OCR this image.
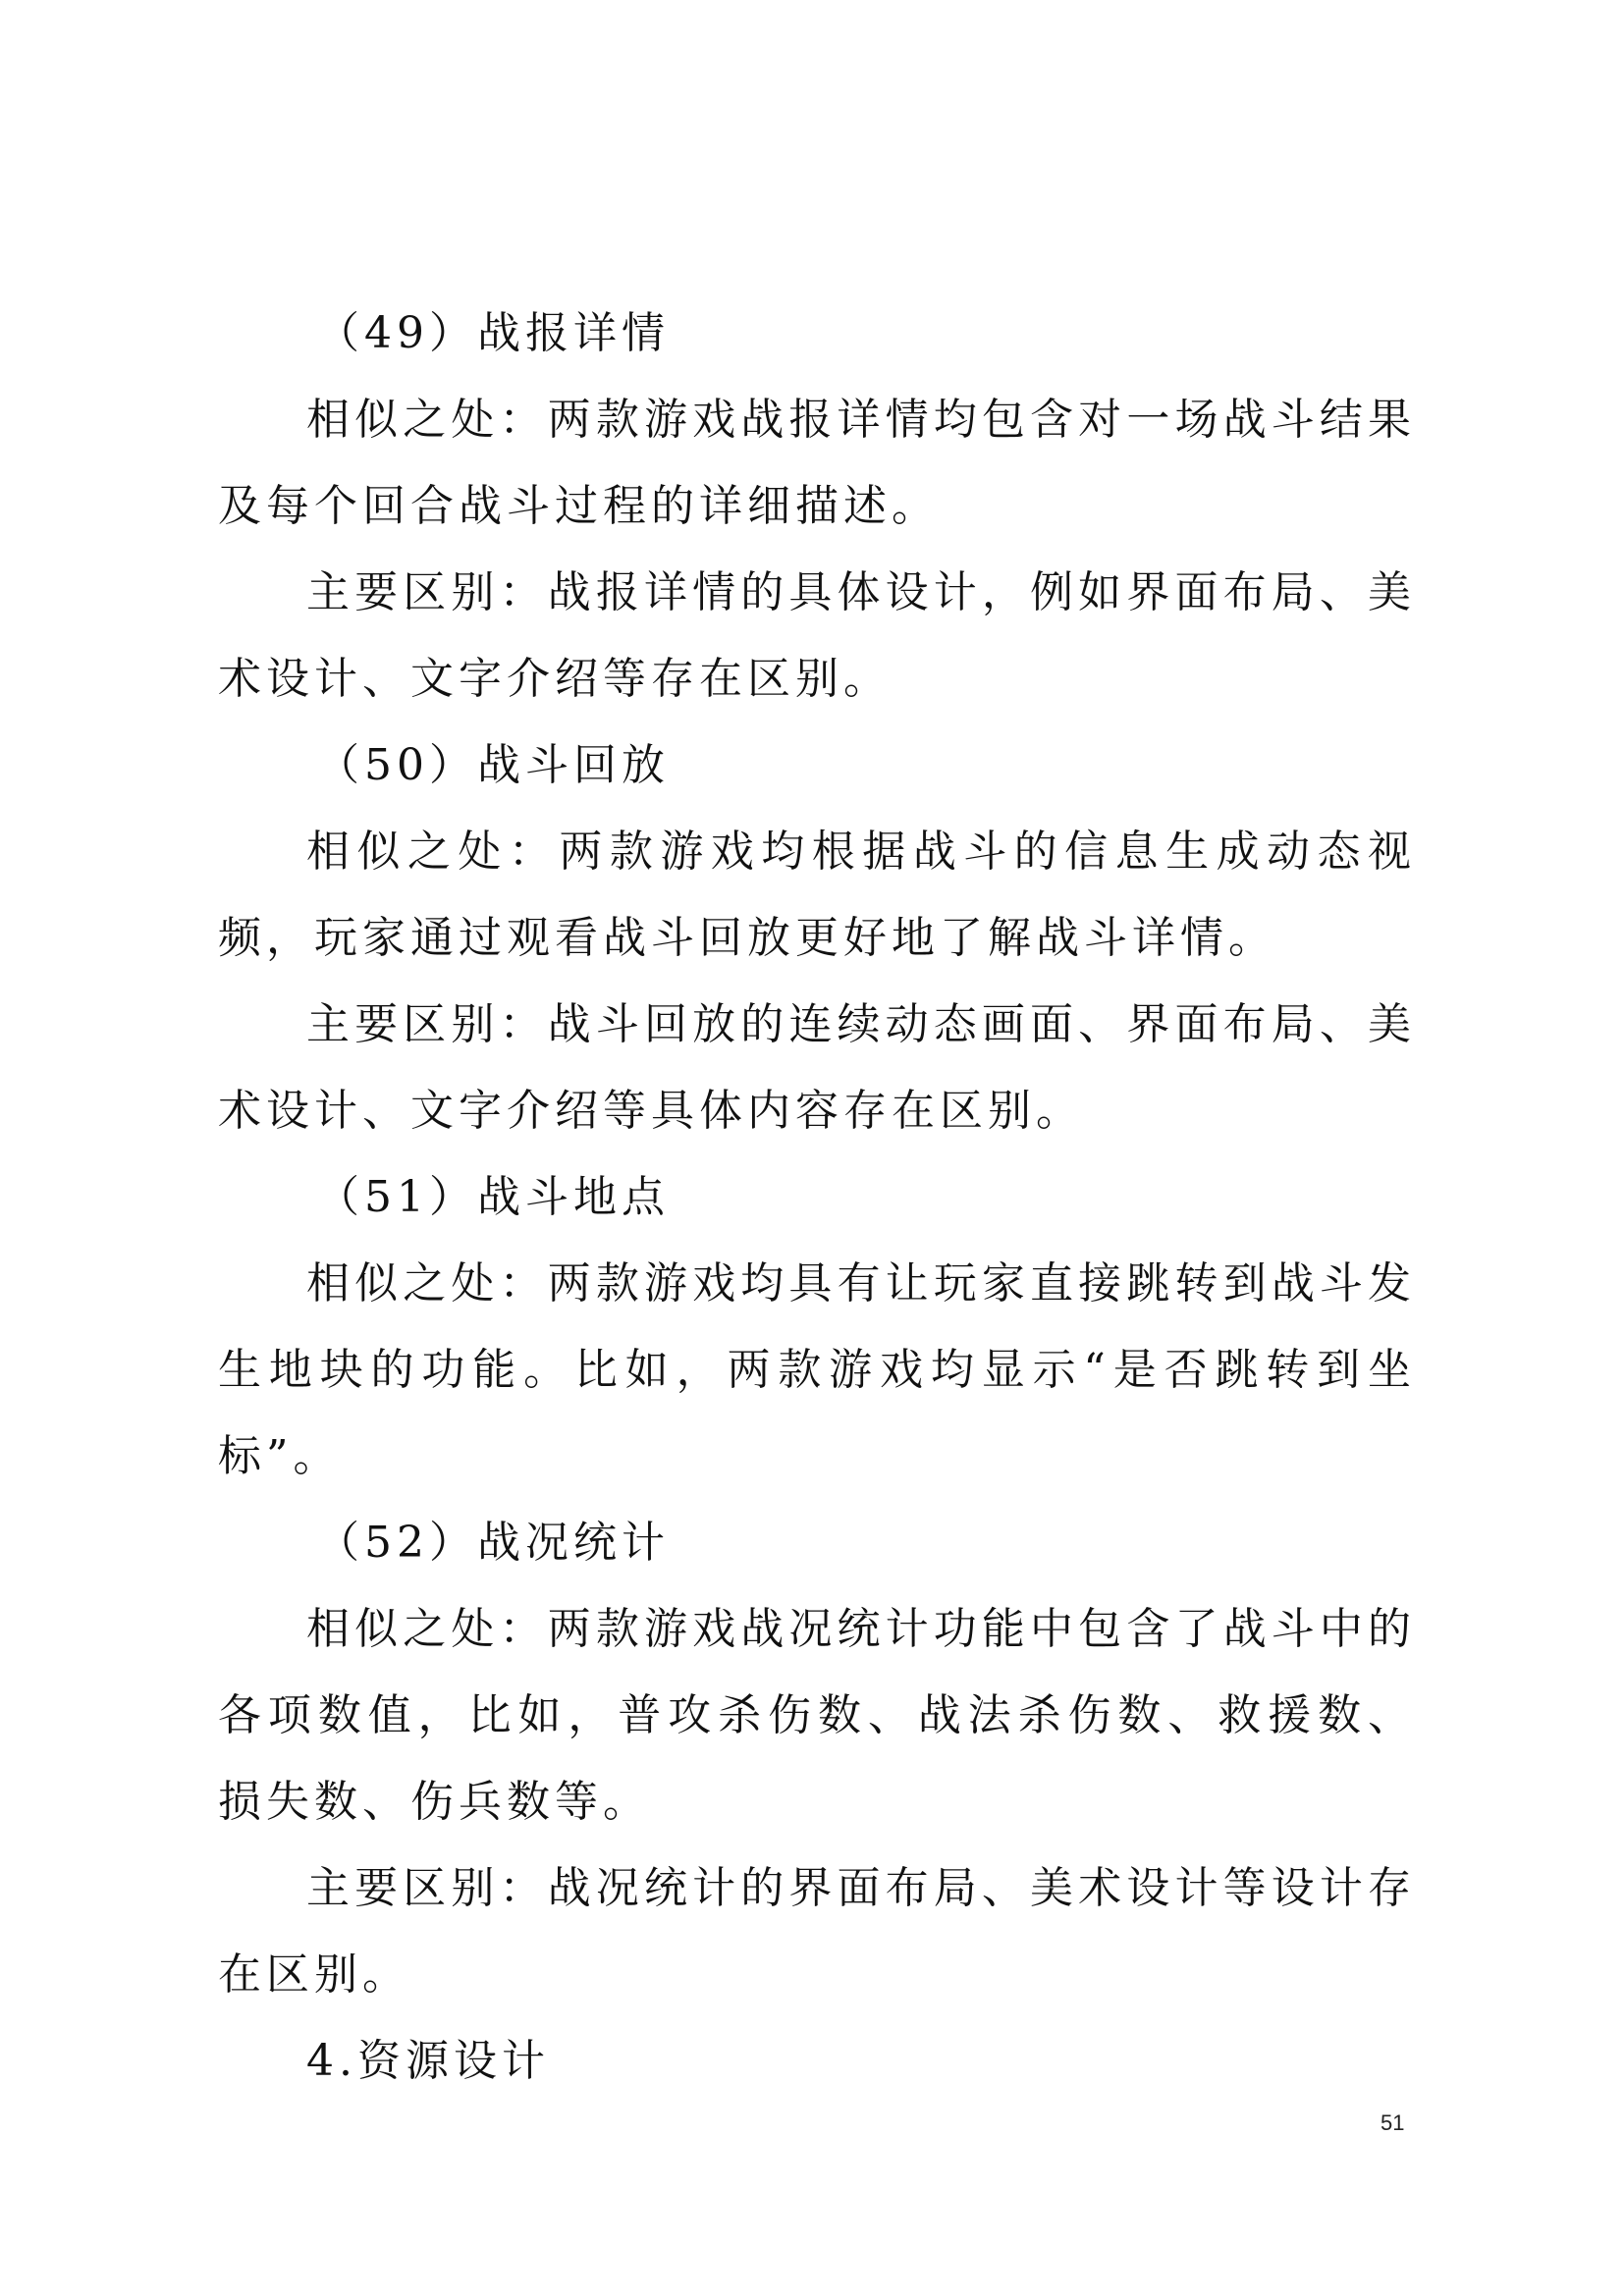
（49）战报详情

相似之处：两款游戏战报详情均包含对一场战斗结果及每个回合战斗过程的详细描述。

主要区别：战报详情的具体设计，例如界面布局、美术设计、文字介绍等存在区别。

（50）战斗回放

相似之处：两款游戏均根据战斗的信息生成动态视频，玩家通过观看战斗回放更好地了解战斗详情。

主要区别：战斗回放的连续动态画面、界面布局、美术设计、文字介绍等具体内容存在区别。

（51）战斗地点

相似之处：两款游戏均具有让玩家直接跳转到战斗发生地块的功能。比如，两款游戏均显示“是否跳转到坐标”。

（52）战况统计

相似之处：两款游戏战况统计功能中包含了战斗中的各项数值，比如，普攻杀伤数、战法杀伤数、救援数、损失数、伤兵数等。

主要区别：战况统计的界面布局、美术设计等设计存在区别。

4.资源设计

51
